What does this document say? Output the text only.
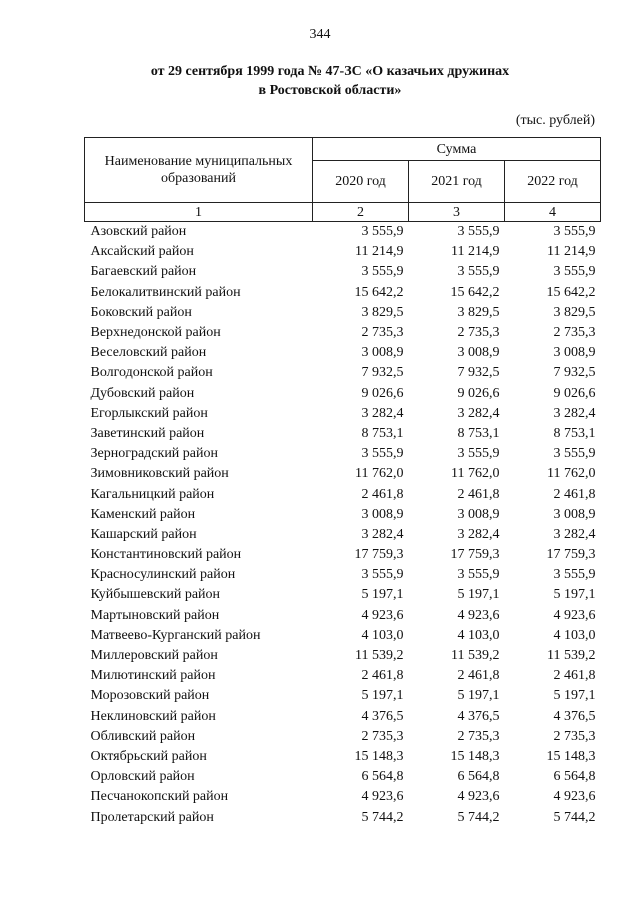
344
от 29 сентября 1999 года № 47-ЗС «О казачьих дружинах
в Ростовской области»
(тыс. рублей)
Наименование муниципальных образований	Сумма		
	2020 год	2021 год	2022 год
1	2	3	4
Азовский район	3 555,9	3 555,9	3 555,9
Аксайский район	11 214,9	11 214,9	11 214,9
Багаевский район	3 555,9	3 555,9	3 555,9
Белокалитвинский район	15 642,2	15 642,2	15 642,2
Боковский район	3 829,5	3 829,5	3 829,5
Верхнедонской район	2 735,3	2 735,3	2 735,3
Веселовский район	3 008,9	3 008,9	3 008,9
Волгодонской район	7 932,5	7 932,5	7 932,5
Дубовский район	9 026,6	9 026,6	9 026,6
Егорлыкский район	3 282,4	3 282,4	3 282,4
Заветинский район	8 753,1	8 753,1	8 753,1
Зерноградский район	3 555,9	3 555,9	3 555,9
Зимовниковский район	11 762,0	11 762,0	11 762,0
Кагальницкий район	2 461,8	2 461,8	2 461,8
Каменский район	3 008,9	3 008,9	3 008,9
Кашарский район	3 282,4	3 282,4	3 282,4
Константиновский район	17 759,3	17 759,3	17 759,3
Красносулинский район	3 555,9	3 555,9	3 555,9
Куйбышевский район	5 197,1	5 197,1	5 197,1
Мартыновский район	4 923,6	4 923,6	4 923,6
Матвеево-Курганский район	4 103,0	4 103,0	4 103,0
Миллеровский район	11 539,2	11 539,2	11 539,2
Милютинский район	2 461,8	2 461,8	2 461,8
Морозовский район	5 197,1	5 197,1	5 197,1
Неклиновский район	4 376,5	4 376,5	4 376,5
Обливский район	2 735,3	2 735,3	2 735,3
Октябрьский район	15 148,3	15 148,3	15 148,3
Орловский район	6 564,8	6 564,8	6 564,8
Песчанокопский район	4 923,6	4 923,6	4 923,6
Пролетарский район	5 744,2	5 744,2	5 744,2
